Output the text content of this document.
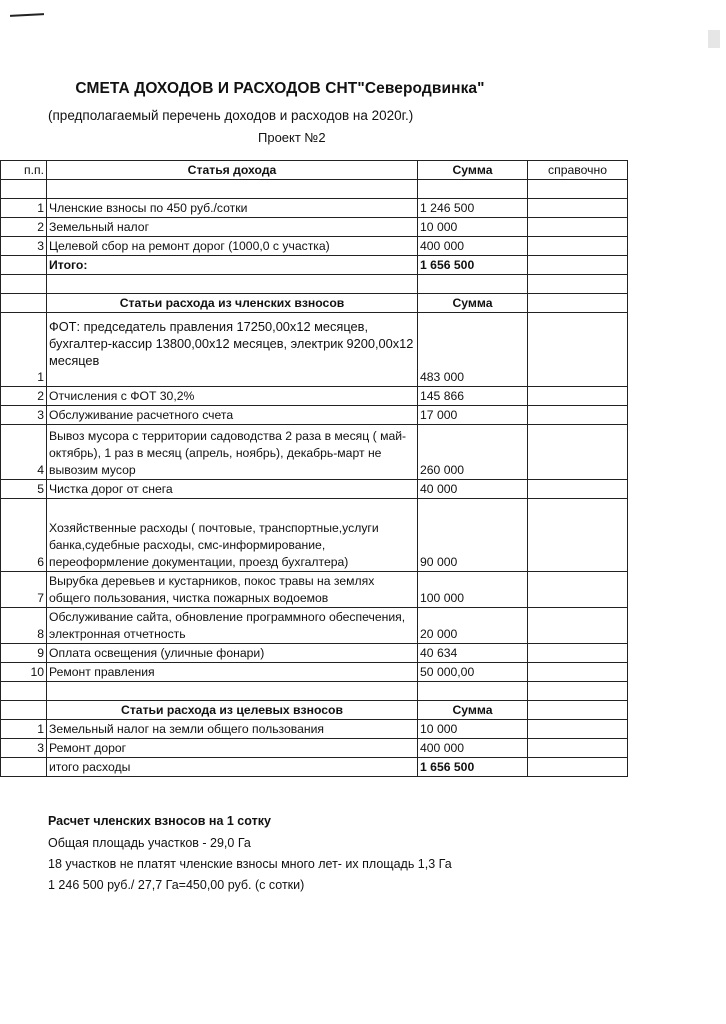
СМЕТА ДОХОДОВ И РАСХОДОВ СНТ"Северодвинка"
(предполагаемый перечень доходов и расходов на 2020г.)
Проект №2
п.п.	Статья дохода	Сумма	справочно

1	Членские взносы по 450 руб./сотки	1 246 500	
2	Земельный налог	10 000	
3	Целевой сбор на ремонт дорог (1000,0 с участка)	400 000	
	Итого:	1 656 500	

	Статьи расхода из членских взносов	Сумма	
1	ФОТ: председатель правления 17250,00х12 месяцев, бухгалтер-кассир 13800,00х12 месяцев, электрик 9200,00х12 месяцев	483 000	
2	Отчисления с ФОТ 30,2%	145 866	
3	Обслуживание расчетного счета	17 000	
4	Вывоз мусора с территории садоводства 2 раза в месяц ( май-октябрь), 1 раз в месяц (апрель, ноябрь), декабрь-март не вывозим мусор	260 000	
5	Чистка дорог от снега	40 000	
6	Хозяйственные расходы ( почтовые, транспортные,услуги банка,судебные расходы, смс-информирование, переоформление документации, проезд бухгалтера)	90 000	
7	Вырубка деревьев и кустарников, покос травы на землях общего пользования, чистка пожарных водоемов	100 000	
8	Обслуживание сайта, обновление программного обеспечения, электронная отчетность	20 000	
9	Оплата освещения (уличные фонари)	40 634	
10	Ремонт правления	50 000,00	

	Статьи расхода из целевых взносов	Сумма	
1	Земельный налог на земли общего пользования	10 000	
3	Ремонт дорог	400 000	
	итого расходы	1 656 500	
Расчет членских взносов на 1 сотку
Общая площадь участков - 29,0 Га
18 участков не платят членские взносы много лет- их площадь 1,3 Га
1 246 500 руб./ 27,7 Га=450,00 руб. (с сотки)
